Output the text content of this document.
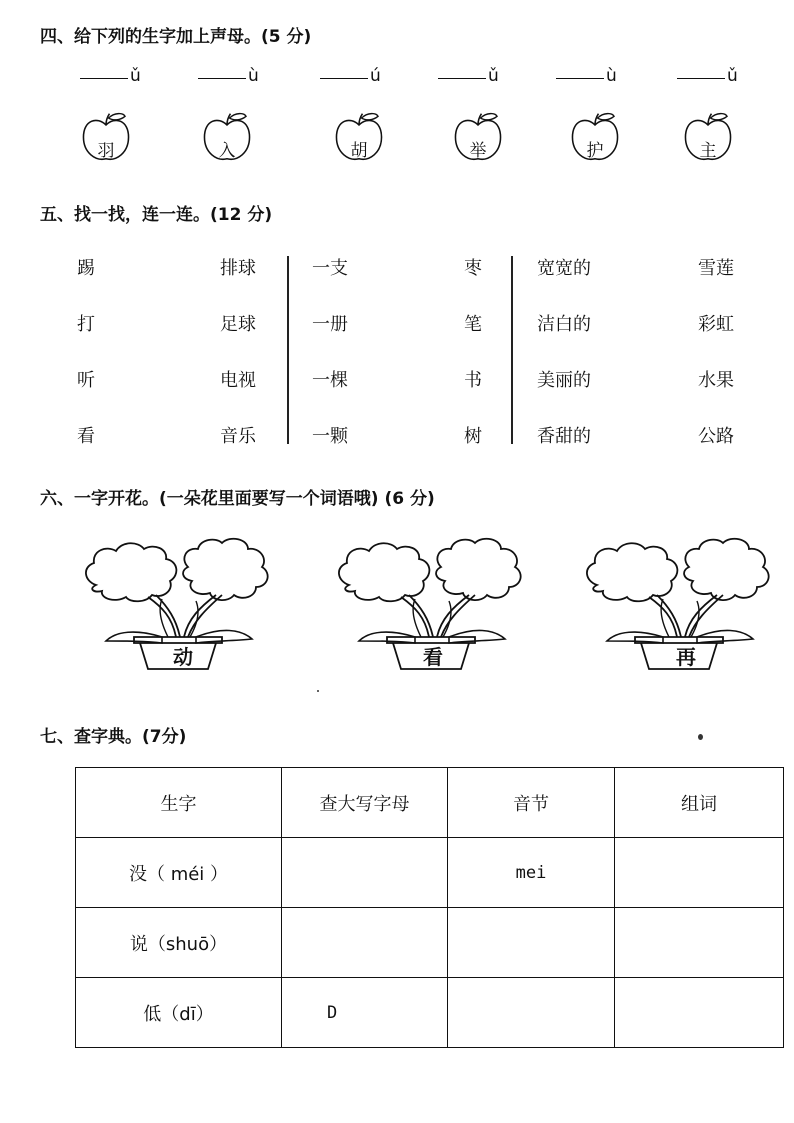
四、给下列的生字加上声母。(5 分)
ǔ	ù	ú	ǔ	ù	ǔ
羽	入	胡	举	护	主
五、找一找，连一连。(12 分)
踢
打
听
看
排球
足球
电视
音乐
一支
一册
一棵
一颗
枣
笔
书
树
宽宽的
洁白的
美丽的
香甜的
雪莲
彩虹
水果
公路
六、一字开花。(一朵花里面要写一个词语哦) (6 分)
动	看	再
七、查字典。(7分)
生字	查大写字母	音节	组词
没（ méi ）		mei	
说（shuō）			
低（dī）	D		
